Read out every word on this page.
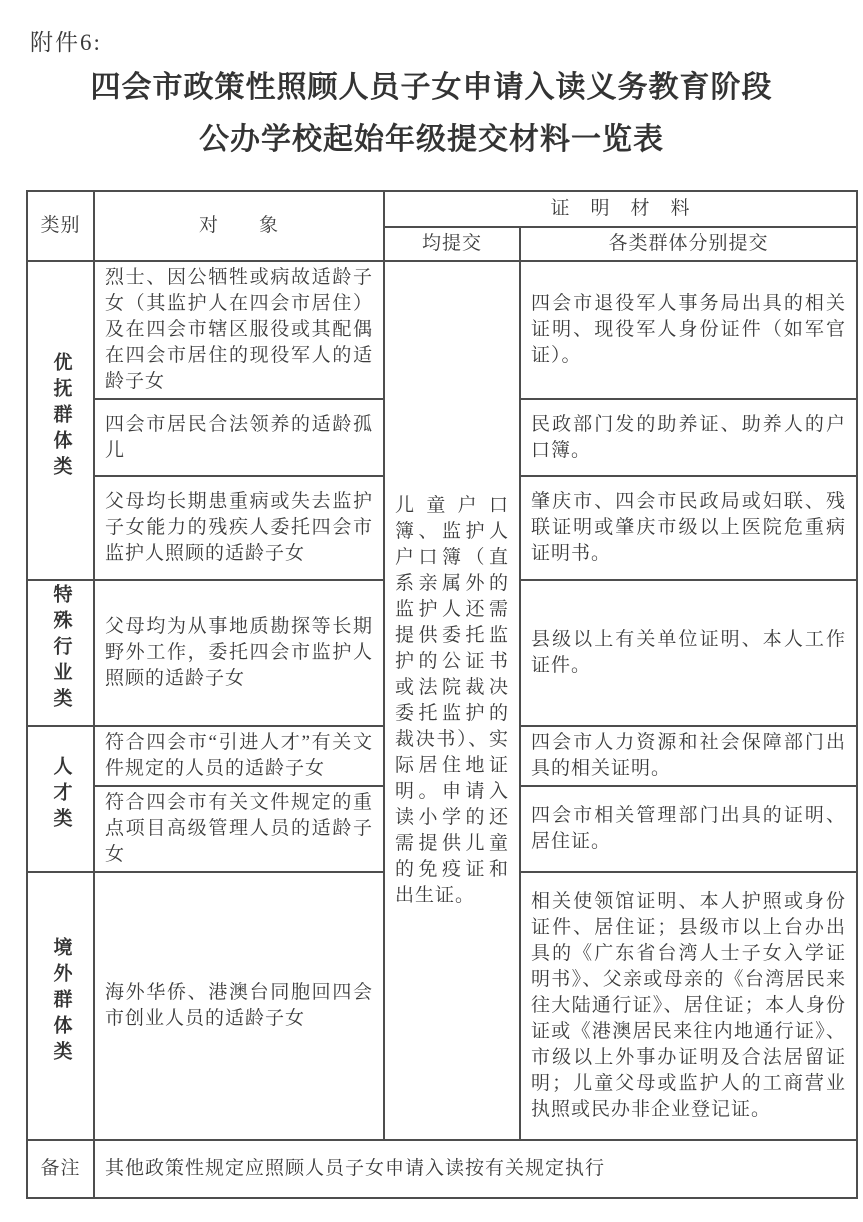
附件6:
四会市政策性照顾人员子女申请入读义务教育阶段
公办学校起始年级提交材料一览表
类别	对　　象	证　明　材　料	
		均提交	各类群体分别提交
优抚群体类	烈士、因公牺牲或病故适龄子女（其监护人在四会市居住）及在四会市辖区服役或其配偶在四会市居住的现役军人的适龄子女	儿童户口簿、监护人户口簿（直系亲属外的监护人还需提供委托监护的公证书或法院裁决委托监护的裁决书）、实际居住地证明。申请入读小学的还需提供儿童的免疫证和出生证。	四会市退役军人事务局出具的相关证明、现役军人身份证件（如军官证）。
	四会市居民合法领养的适龄孤儿		民政部门发的助养证、助养人的户口簿。
	父母均长期患重病或失去监护子女能力的残疾人委托四会市监护人照顾的适龄子女		肇庆市、四会市民政局或妇联、残联证明或肇庆市级以上医院危重病证明书。
特殊行业类	父母均为从事地质勘探等长期野外工作，委托四会市监护人照顾的适龄子女		县级以上有关单位证明、本人工作证件。
人才类	符合四会市“引进人才”有关文件规定的人员的适龄子女		四会市人力资源和社会保障部门出具的相关证明。
	符合四会市有关文件规定的重点项目高级管理人员的适龄子女		四会市相关管理部门出具的证明、居住证。
境外群体类	海外华侨、港澳台同胞回四会市创业人员的适龄子女		相关使领馆证明、本人护照或身份证件、居住证；县级市以上台办出具的《广东省台湾人士子女入学证明书》、父亲或母亲的《台湾居民来往大陆通行证》、居住证；本人身份证或《港澳居民来往内地通行证》、市级以上外事办证明及合法居留证明；儿童父母或监护人的工商营业执照或民办非企业登记证。
备注	其他政策性规定应照顾人员子女申请入读按有关规定执行		
